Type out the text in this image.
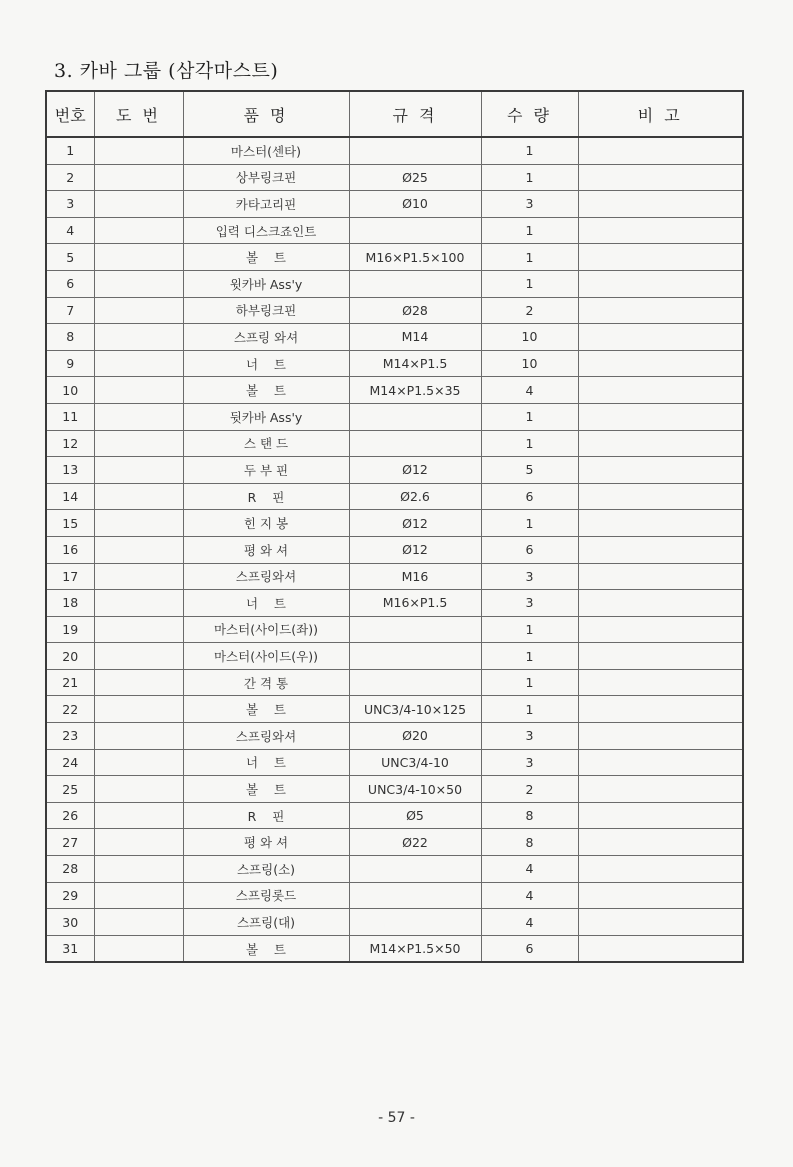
3. 카바 그룹 (삼각마스트)
번호	도 번	품 명	규 격	수 량	비 고
1		마스터(센타)		1	
2		상부링크핀	Ø25	1	
3		카타고리핀	Ø10	3	
4		입력 디스크죠인트		1	
5		볼    트	M16×P1.5×100	1	
6		윗카바 Ass'y		1	
7		하부링크핀	Ø28	2	
8		스프링 와셔	M14	10	
9		너    트	M14×P1.5	10	
10		볼    트	M14×P1.5×35	4	
11		뒷카바 Ass'y		1	
12		스 탠 드		1	
13		두 부 핀	Ø12	5	
14		R    핀	Ø2.6	6	
15		힌 지 봉	Ø12	1	
16		평 와 셔	Ø12	6	
17		스프링와셔	M16	3	
18		너    트	M16×P1.5	3	
19		마스터(사이드(좌))		1	
20		마스터(사이드(우))		1	
21		간 격 통		1	
22		볼    트	UNC3/4-10×125	1	
23		스프링와셔	Ø20	3	
24		너    트	UNC3/4-10	3	
25		볼    트	UNC3/4-10×50	2	
26		R    핀	Ø5	8	
27		평 와 셔	Ø22	8	
28		스프링(소)		4	
29		스프링롯드		4	
30		스프링(대)		4	
31		볼    트	M14×P1.5×50	6	
- 57 -
